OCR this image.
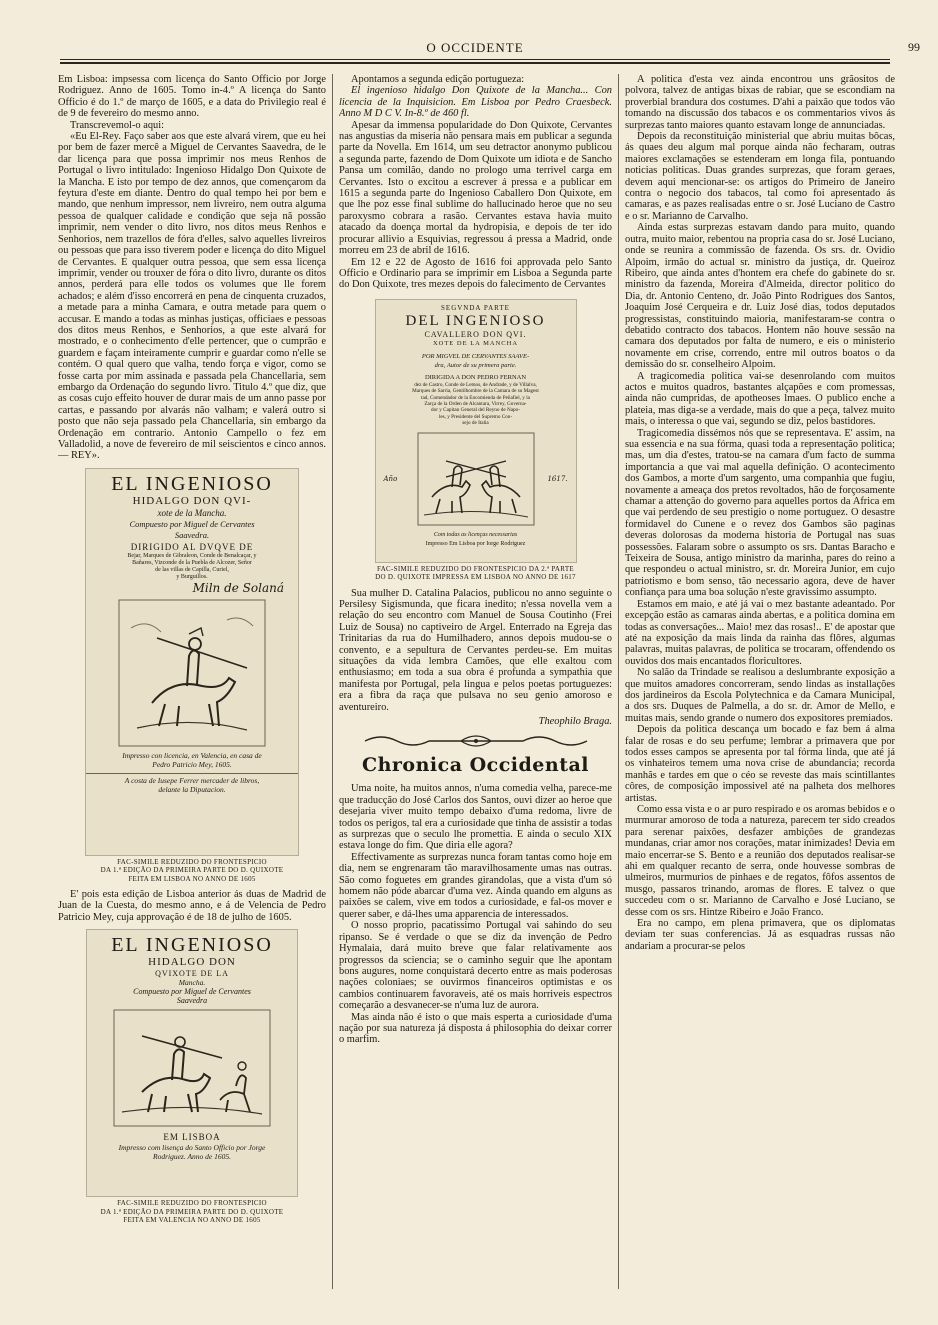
O OCCIDENTE	99

Em Lisboa: impsessa com licença do Santo Officio por Jorge Rodriguez. Anno de 1605. Tomo in-4.º A licença do Santo Officio é do 1.º de março de 1605, e a data do Privilegio real é de 9 de fevereiro do mesmo anno.

Transcrevemol-o aqui:

«Eu El-Rey. Faço saber aos que este alvará virem, que eu hei por bem de fazer mercê a Miguel de Cervantes Saavedra, de le dar licença para que possa imprimir nos meus Renhos de Portugal o livro intitulado: Ingenioso Hidalgo Don Quixote de la Mancha. E isto por tempo de dez annos, que començarom da feytura d'este em diante. Dentro do qual tempo hei por bem e mando, que nenhum impressor, nem livreiro, nem outra alguma pessoa de qualquer calidade e condição que seja nã possão imprimir, nem vender o dito livro, nos ditos meus Renhos e Senhorios, nem trazellos de fóra d'elles, salvo aquelles livreiros ou pessoas que para isso tiverem poder e licença do dito Miguel de Cervantes. E qualquer outra pessoa, que sem essa licença imprimir, vender ou trouxer de fóra o dito livro, durante os ditos annos, perderá para elle todos os volumes que lle forem achados; e além d'isso encorrerá en pena de cinquenta cruzados, a metade para a minha Camara, e outra metade para quem o accusar. E mando a todas as minhas justiças, officiaes e pessoas dos ditos meus Renhos, e Senhorios, a que este alvará for mostrado, e o conhecimento d'elle pertencer, que o cumprão e guardem e façam inteiramente cumprir e guardar como n'elle se contém. O qual quero que valha, tendo força e vigor, como se fosse carta por mim assinada e passada pela Chancellaria, sem embargo da Ordenação do segundo livro. Titulo 4.º que diz, que as cosas cujo effeito houver de durar mais de um anno passe por cartas, e passando por alvarás não valham; e valerá outro si posto que não seja passado pela Chancellaria, sin embargo da Ordenação em contrario. Antonio Campello o fez em Valladolid, a nove de fevereiro de mil seiscientos e cinco annos. — REY».

EL INGENIOSO
HIDALGO DON QVI-
xote de la Mancha.
Compuesto por Miguel de Cervantes
Saavedra.
DIRIGIDO AL DVQVE DE
Bejar, Marques de Gibraleon, Conde de Benalcaçar, y
Bañares, Vizconde de la Puebla de Alcozer, Señor
de las villas de Capilla, Curiel,
y Burguillos.
Miln de Solaná
Impresso con licencia, en Valencia, en casa de
Pedro Patricio Mey, 1605.
A costa de Iusepe Ferrer mercader de libros,
delante la Diputacion.
FAC-SIMILE REDUZIDO DO FRONTESPICIO
DA 1.ª EDIÇÃO DA PRIMEIRA PARTE DO D. QUIXOTE
FEITA EM LISBOA NO ANNO DE 1605

E' pois esta edição de Lisboa anterior ás duas de Madrid de Juan de la Cuesta, do mesmo anno, e á de Velencia de Pedro Patricio Mey, cuja approvação é de 18 de julho de 1605.

EL INGENIOSO
HIDALGO DON
QVIXOTE DE LA
Mancha.
Compuesto por Miguel de Cervantes
Saavedra
EM LISBOA
Impresso com lisença do Santo Officio por Jorge
Rodriguez. Anno de 1605.
FAC-SIMILE REDUZIDO DO FRONTESPICIO
DA 1.ª EDIÇÃO DA PRIMEIRA PARTE DO D. QUIXOTE
FEITA EM VALENCIA NO ANNO DE 1605

Apontamos a segunda edição portugueza:

El ingenioso hidalgo Don Quixote de la Mancha... Con licencia de la Inquisicion. Em Lisboa por Pedro Craesbeck. Anno M D C V. In-8.º de 460 fl.

Apesar da immensa popularidade do Don Quixote, Cervantes nas angustias da miseria não pensara mais em publicar a segunda parte da Novella. Em 1614, um seu detractor anonymo publicou a segunda parte, fazendo de Dom Quixote um idiota e de Sancho Pansa um comilão, dando no prologo uma terrivel carga em Cervantes. Isto o excitou a escrever á pressa e a publicar em 1615 a segunda parte do Ingenioso Caballero Don Quixote, em que lhe poz esse final sublime do hallucinado heroe que no seu paroxysmo cobrara a rasão. Cervantes estava havia muito atacado da doença mortal da hydropisia, e depois de ter ido procurar allivio a Esquivias, regressou á pressa a Madrid, onde morreu em 23 de abril de 1616.

Em 12 e 22 de Agosto de 1616 foi approvada pelo Santo Officio e Ordinario para se imprimir em Lisboa a Segunda parte do Don Quixote, tres mezes depois do falecimento de Cervantes

SEGVNDA PARTE
DEL INGENIOSO
CAVALLERO DON QVI.
XOTE DE LA MANCHA
POR MIGVEL DE CERVANTES SAAVE-
dra, Autor de su primera parte.
DIRIGIDA A DON PEDRO FERNAN
dez de Castro, Conde de Lemos, de Andrade, y de Villalva,
Marques de Sarria, Gentilhombre de la Camara de su Magest
tad, Comendador de la Encomienda de Peñafiel, y la
Zarça de la Orden de Alcantara, Virrey, Governa-
dor y Capitan General del Reyno de Napo-
les, y Presidente del Supremo Con-
sejo de Italia
Año	1617.
Com todas as licenças necessarias
Impresso Em Lisboa por Iorge Rodriguez
FAC-SIMILE REDUZIDO DO FRONTESPICIO DA 2.ª PARTE
DO D. QUIXOTE IMPRESSA EM LISBOA NO ANNO DE 1617

Sua mulher D. Catalina Palacios, publicou no anno seguinte o Persilesy Sigismunda, que ficara inedito; n'essa novella vem a relação do seu encontro com Manuel de Sousa Coutinho (Frei Luiz de Sousa) no captiveiro de Argel. Enterrado na Egreja das Trinitarias da rua do Humilhadero, annos depois mudou-se o convento, e a sepultura de Cervantes perdeu-se. Em muitas situações da vida lembra Camões, que elle exaltou com enthusiasmo; em toda a sua obra é profunda a sympathia que manifesta por Portugal, pela lingua e pelos poetas portuguezes: era a fibra da raça que pulsava no seu genio amoroso e aventureiro.

Theophilo Braga.

Chronica Occidental

Uma noite, ha muitos annos, n'uma comedia velha, parece-me que traducção do José Carlos dos Santos, ouvi dizer ao heroe que desejaria viver muito tempo debaixo d'uma redoma, livre de todos os perigos, tal era a curiosidade que tinha de assistir a todas as surprezas que o seculo lhe promettia. E ainda o seculo XIX estava longe do fim. Que diria elle agora?

Effectivamente as surprezas nunca foram tantas como hoje em dia, nem se engrenaram tão maravilhosamente umas nas outras. São como foguetes em grandes girandolas, que a vista d'um só homem não póde abarcar d'uma vez. Ainda quando em alguns as paixões se calem, vive em todos a curiosidade, e fal-os mover e querer saber, e dá-lhes uma apparencia de interessados.

O nosso proprio, pacatissimo Portugal vai sahindo do seu ripanso. Se é verdade o que se diz da invenção de Pedro Hymalaia, dará muito breve que falar relativamente aos progressos da sciencia; se o caminho seguir que lhe apontam bons augures, nome conquistará decerto entre as mais poderosas nações coloniaes; se ouvirmos financeiros optimistas e os cambios continuarem favoraveis, até os mais horriveis espectros começarão a desvanecer-se n'uma luz de aurora.

Mas ainda não é isto o que mais esperta a curiosidade d'uma nação por sua natureza já disposta á philosophia do deixar correr o marfim.

A politica d'esta vez ainda encontrou uns grãositos de polvora, talvez de antigas bixas de rabiar, que se escondiam na proverbial brandura dos costumes. D'ahi a paixão que todos vão tomando na discussão dos tabacos e os commentarios vivos ás surprezas tanto maiores quanto estavam longe de annunciadas.

Depois da reconstituição ministerial que abriu muitas bôcas, ás quaes deu algum mal porque ainda não fecharam, outras maiores exclamações se estenderam em longa fila, pontuando noticias politicas. Duas grandes surprezas, que foram geraes, devem aqui mencionar-se: os artigos do Primeiro de Janeiro contra o negocio dos tabacos, tal como foi apresentado ás camaras, e as pazes realisadas entre o sr. José Luciano de Castro e o sr. Marianno de Carvalho.

Ainda estas surprezas estavam dando para muito, quando outra, muito maior, rebentou na propria casa do sr. José Luciano, onde se reunira a commissão de fazenda. Os srs. dr. Ovidio Alpoim, irmão do actual sr. ministro da justiça, dr. Queiroz Ribeiro, que ainda antes d'hontem era chefe do gabinete do sr. ministro da fazenda, Moreira d'Almeida, director politico do Dia, dr. Antonio Centeno, dr. João Pinto Rodrigues dos Santos, Joaquim José Cerqueira e dr. Luiz José dias, todos deputados progressistas, constituindo maioria, manifestaram-se contra o debatido contracto dos tabacos. Hontem não houve sessão na camara dos deputados por falta de numero, e eis o ministerio novamente em crise, correndo, entre mil outros boatos o da demissão do sr. conselheiro Alpoim.

A tragicomedia politica vai-se desenrolando com muitos actos e muitos quadros, bastantes alçapões e com promessas, ainda não cumpridas, de apotheoses lmaes. O publico enche a plateia, mas diga-se a verdade, mais do que a peça, talvez muito mais, o interessa o que vai, segundo se diz, pelos bastidores.

Tragicomedia dissémos nós que se representava. E' assim, na sua essencia e na sua fórma, quasi toda a representação politica; mas, um dia d'estes, tratou-se na camara d'um facto de summa importancia a que vai mal aquella definição. O acontecimento dos Gambos, a morte d'um sargento, uma companhia que fugiu, novamente a ameaça dos pretos revoltados, hão de forçosamente chamar a attenção do governo para aquelles portos da Africa em que vai perdendo de seu prestigio o nome portuguez. O desastre formidavel do Cunene e o revez dos Gambos são paginas deveras dolorosas da moderna historia de Portugal nas suas possessões. Falaram sobre o assumpto os srs. Dantas Baracho e Teixeira de Sousa, antigo ministro da marinha, pares do reino a que respondeu o actual ministro, sr. dr. Moreira Junior, em cujo patriotismo e bom senso, tão necessario agora, deve de haver confiança para uma boa solução n'este gravissimo assumpto.

Estamos em maio, e até já vai o mez bastante adeantado. Por excepção estão as camaras ainda abertas, e a politica domina em todas as conversações... Maio! mez das rosas!.. E' de apostar que até na exposição da mais linda da rainha das flôres, algumas palavras, muitas palavras, de politica se trocaram, offendendo os ouvidos dos mais encantados floricultores.

No salão da Trindade se realisou a deslumbrante exposição a que muitos amadores concorreram, sendo lindas as installações dos jardineiros da Escola Polytechnica e da Camara Municipal, a dos srs. Duques de Palmella, a do sr. dr. Amor de Mello, e muitas mais, sendo grande o numero dos expositores premiados.

Depois da politica descança um bocado e faz bem á alma falar de rosas e do seu perfume; lembrar a primavera que por todos esses campos se apresenta por tal fórma linda, que até já os vinhateiros temem uma nova crise de abundancia; recorda manhãs e tardes em que o céo se reveste das mais scintillantes côres, de composição impossivel até na palheta dos melhores artistas.

Como essa vista e o ar puro respirado e os aromas bebidos e o murmurar amoroso de toda a natureza, parecem ter sido creados para serenar paixões, desfazer ambições de grandezas mundanas, criar amor nos corações, matar inimizades! Devia em maio encerrar-se S. Bento e a reunião dos deputados realisar-se ahi em qualquer recanto de serra, onde houvesse sombras de ulmeiros, murmurios de pinhaes e de regatos, fôfos assentos de musgo, passaros trinando, aromas de flores. E talvez o que succedeu com o sr. Marianno de Carvalho e José Luciano, se desse com os srs. Hintze Ribeiro e João Franco.

Era no campo, em plena primavera, que os diplomatas deviam ter suas conferencias. Já as esquadras russas não andariam a procurar-se pelos
